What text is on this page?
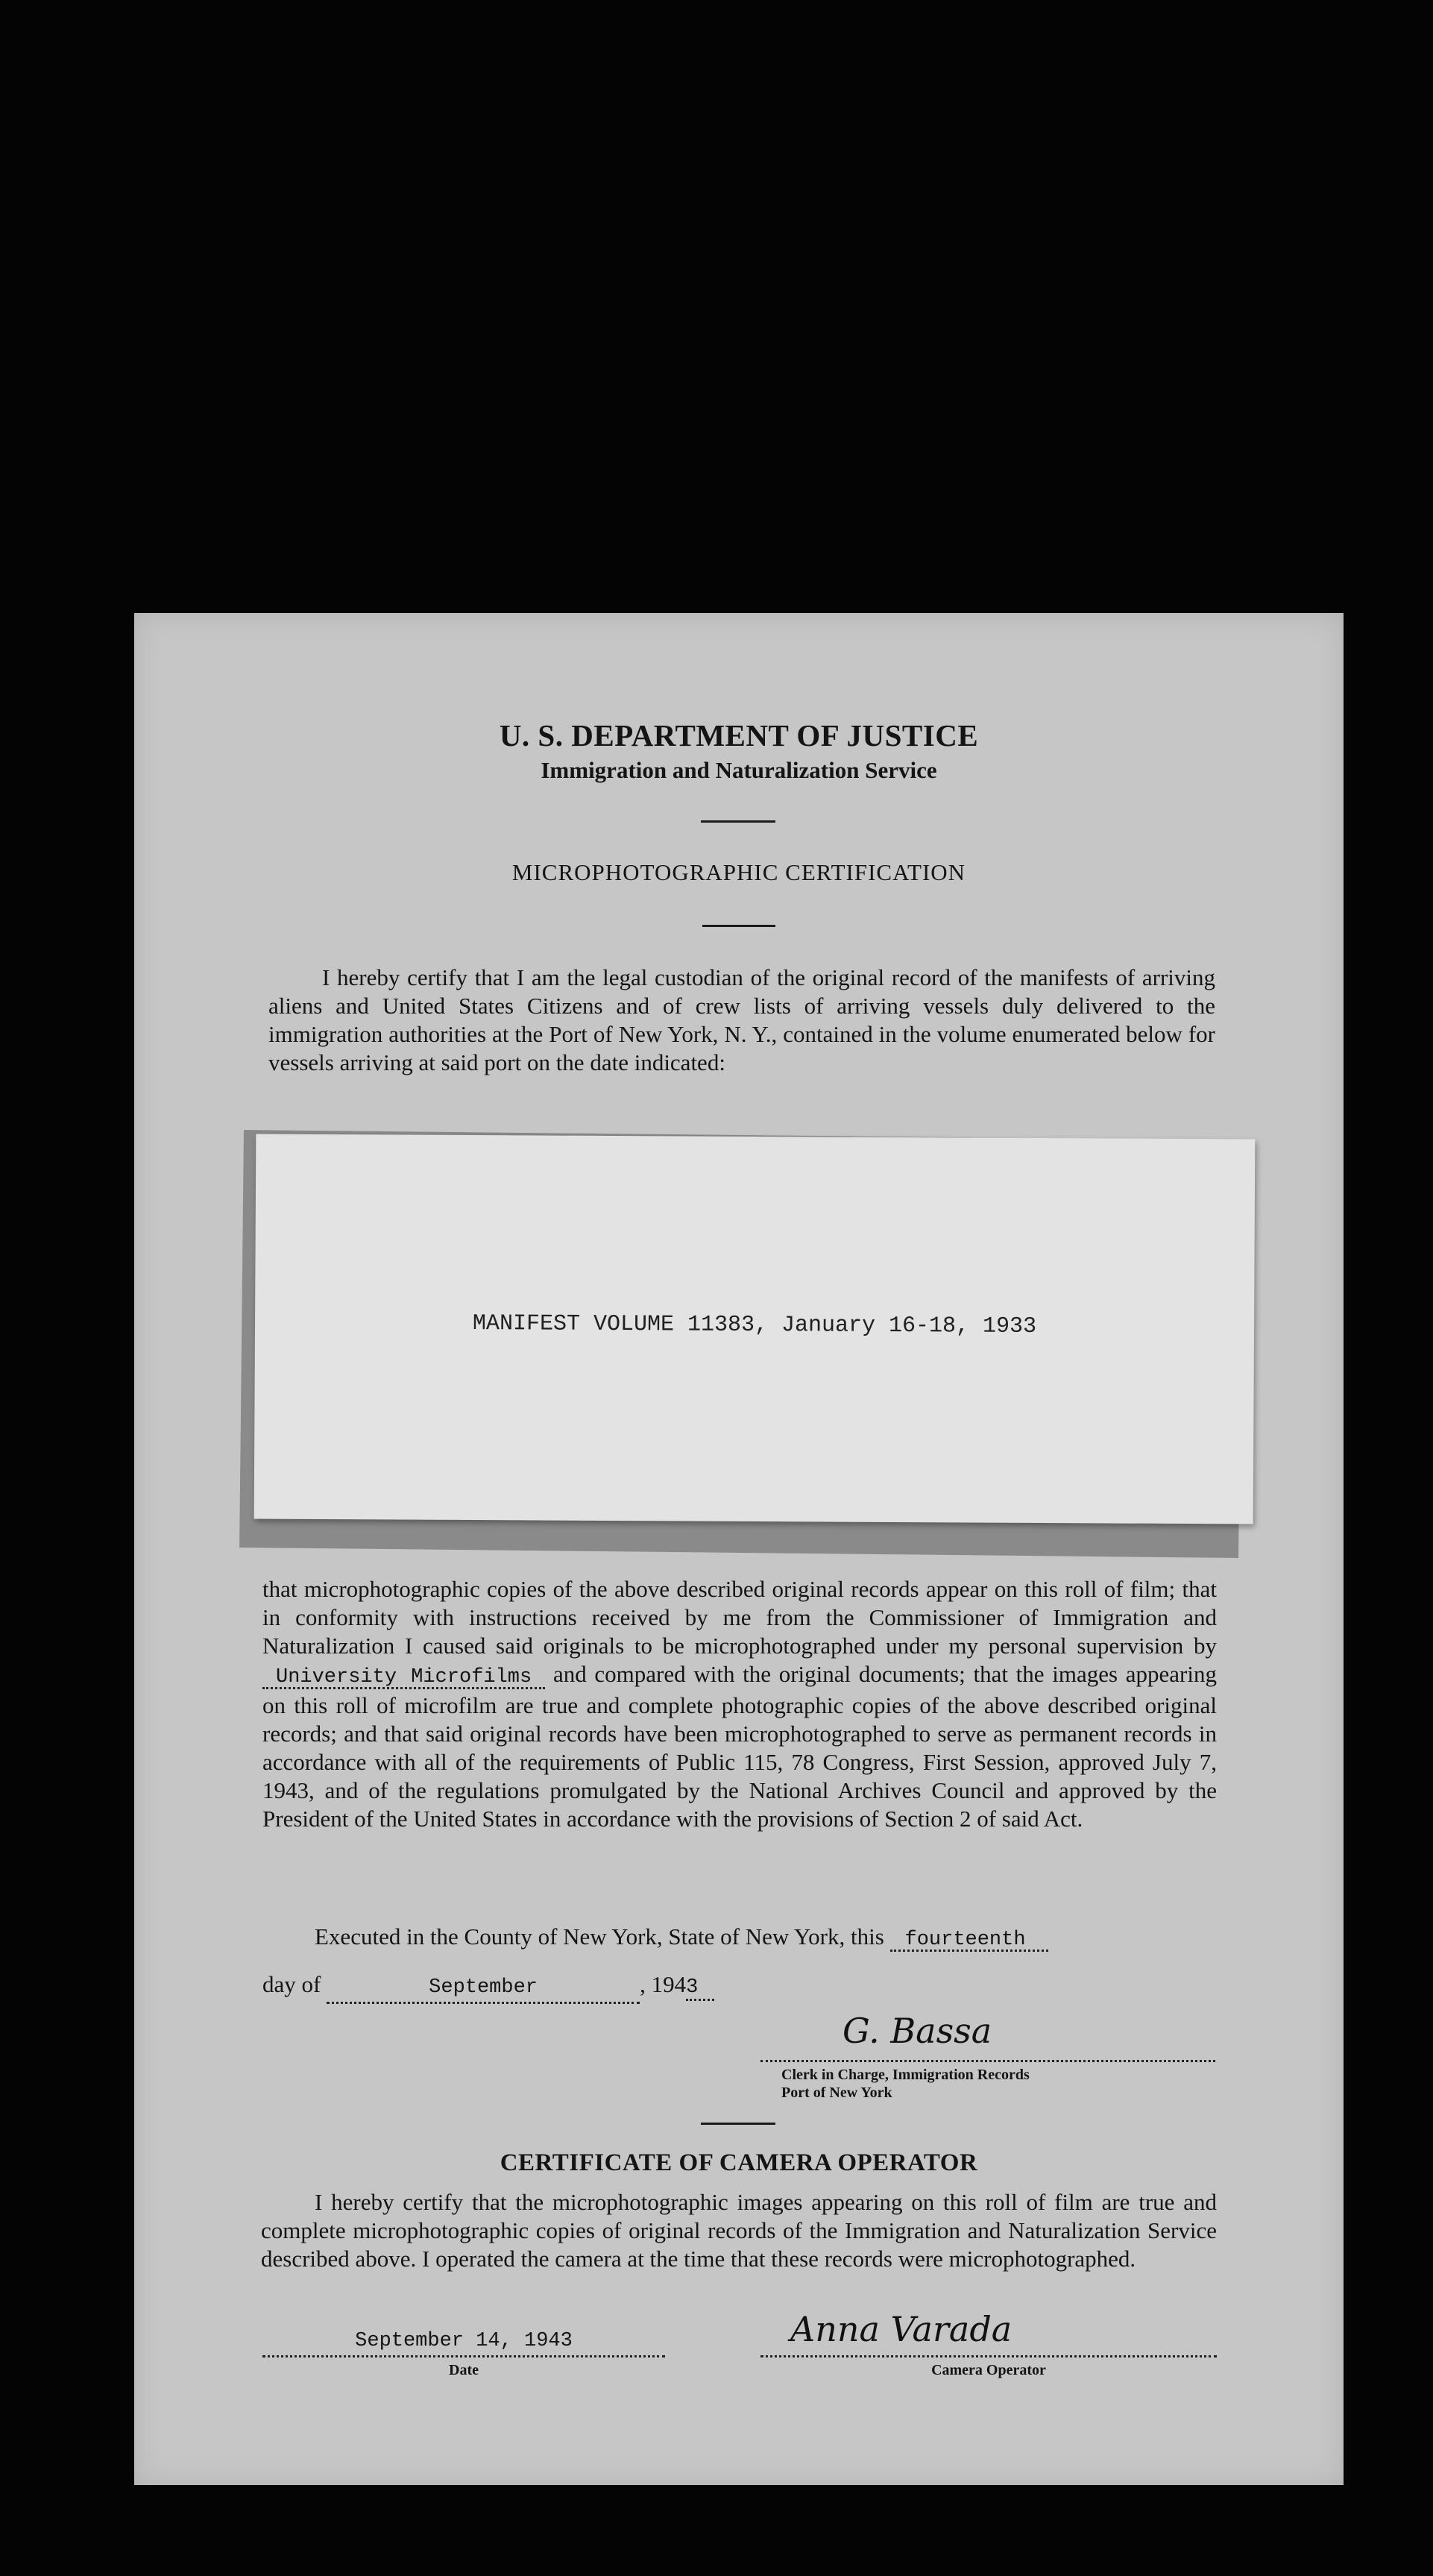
U. S. DEPARTMENT OF JUSTICE
Immigration and Naturalization Service
MICROPHOTOGRAPHIC CERTIFICATION
I hereby certify that I am the legal custodian of the original record of the manifests of arriving aliens and United States Citizens and of crew lists of arriving vessels duly delivered to the immigration authorities at the Port of New York, N. Y., contained in the volume enumerated below for vessels arriving at said port on the date indicated:
MANIFEST VOLUME 11383, January 16-18, 1933
that microphotographic copies of the above described original records appear on this roll of film; that in conformity with instructions received by me from the Commissioner of Immigration and Naturalization I caused said originals to be microphotographed under my personal supervision by University Microfilms and compared with the original documents; that the images appearing on this roll of microfilm are true and complete photographic copies of the above described original records; and that said original records have been microphotographed to serve as permanent records in accordance with all of the requirements of Public 115, 78 Congress, First Session, approved July 7, 1943, and of the regulations promulgated by the National Archives Council and approved by the President of the United States in accordance with the provisions of Section 2 of said Act.
Executed in the County of New York, State of New York, this fourteenth
day of	September	, 1943
G. Bassa
Clerk in Charge, Immigration Records
Port of New York
CERTIFICATE OF CAMERA OPERATOR
I hereby certify that the microphotographic images appearing on this roll of film are true and complete microphotographic copies of original records of the Immigration and Naturalization Service described above. I operated the camera at the time that these records were microphotographed.
September 14, 1943
Date
Anna Varada
Camera Operator
